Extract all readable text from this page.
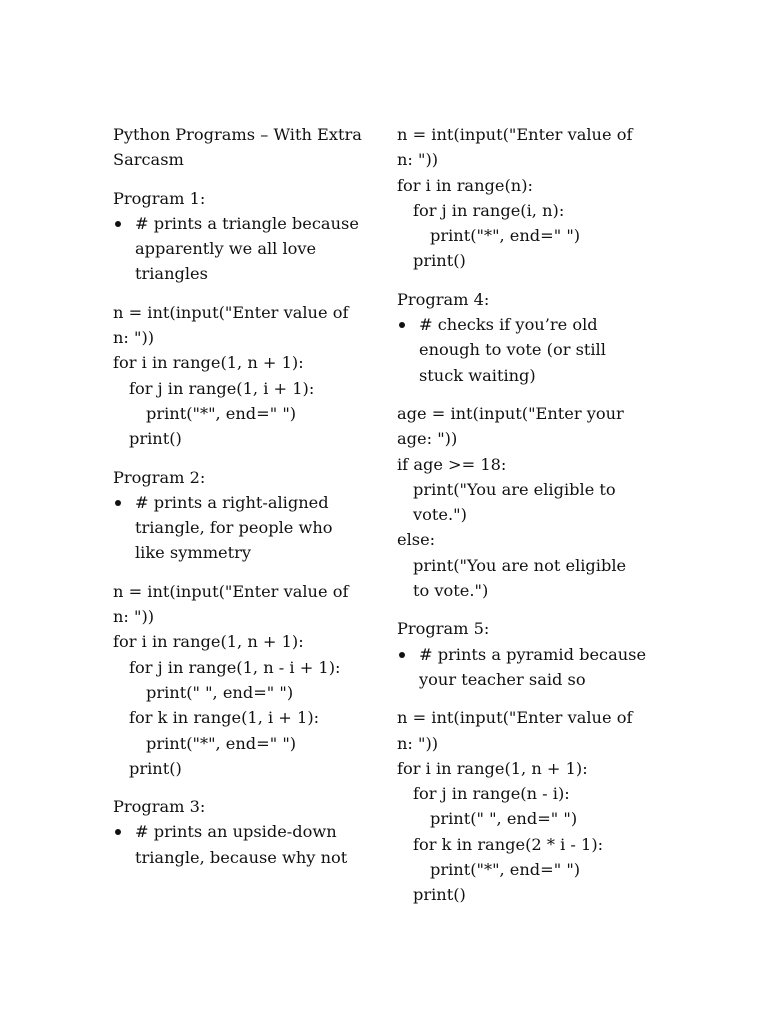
Python Programs – With Extra Sarcasm
Program 1:
# prints a triangle because apparently we all love triangles
n = int(input("Enter value of n: "))
for i in range(1, n + 1):
for j in range(1, i + 1):
print("*", end=" ")
print()
Program 2:
# prints a right-aligned triangle, for people who like symmetry
n = int(input("Enter value of n: "))
for i in range(1, n + 1):
for j in range(1, n - i + 1):
print(" ", end=" ")
for k in range(1, i + 1):
print("*", end=" ")
print()
Program 3:
# prints an upside-down triangle, because why not
n = int(input("Enter value of n: "))
for i in range(n):
for j in range(i, n):
print("*", end=" ")
print()
Program 4:
# checks if you’re old enough to vote (or still stuck waiting)
age = int(input("Enter your age: "))
if age >= 18:
print("You are eligible to vote.")
else:
print("You are not eligible to vote.")
Program 5:
# prints a pyramid because your teacher said so
n = int(input("Enter value of n: "))
for i in range(1, n + 1):
for j in range(n - i):
print(" ", end=" ")
for k in range(2 * i - 1):
print("*", end=" ")
print()
